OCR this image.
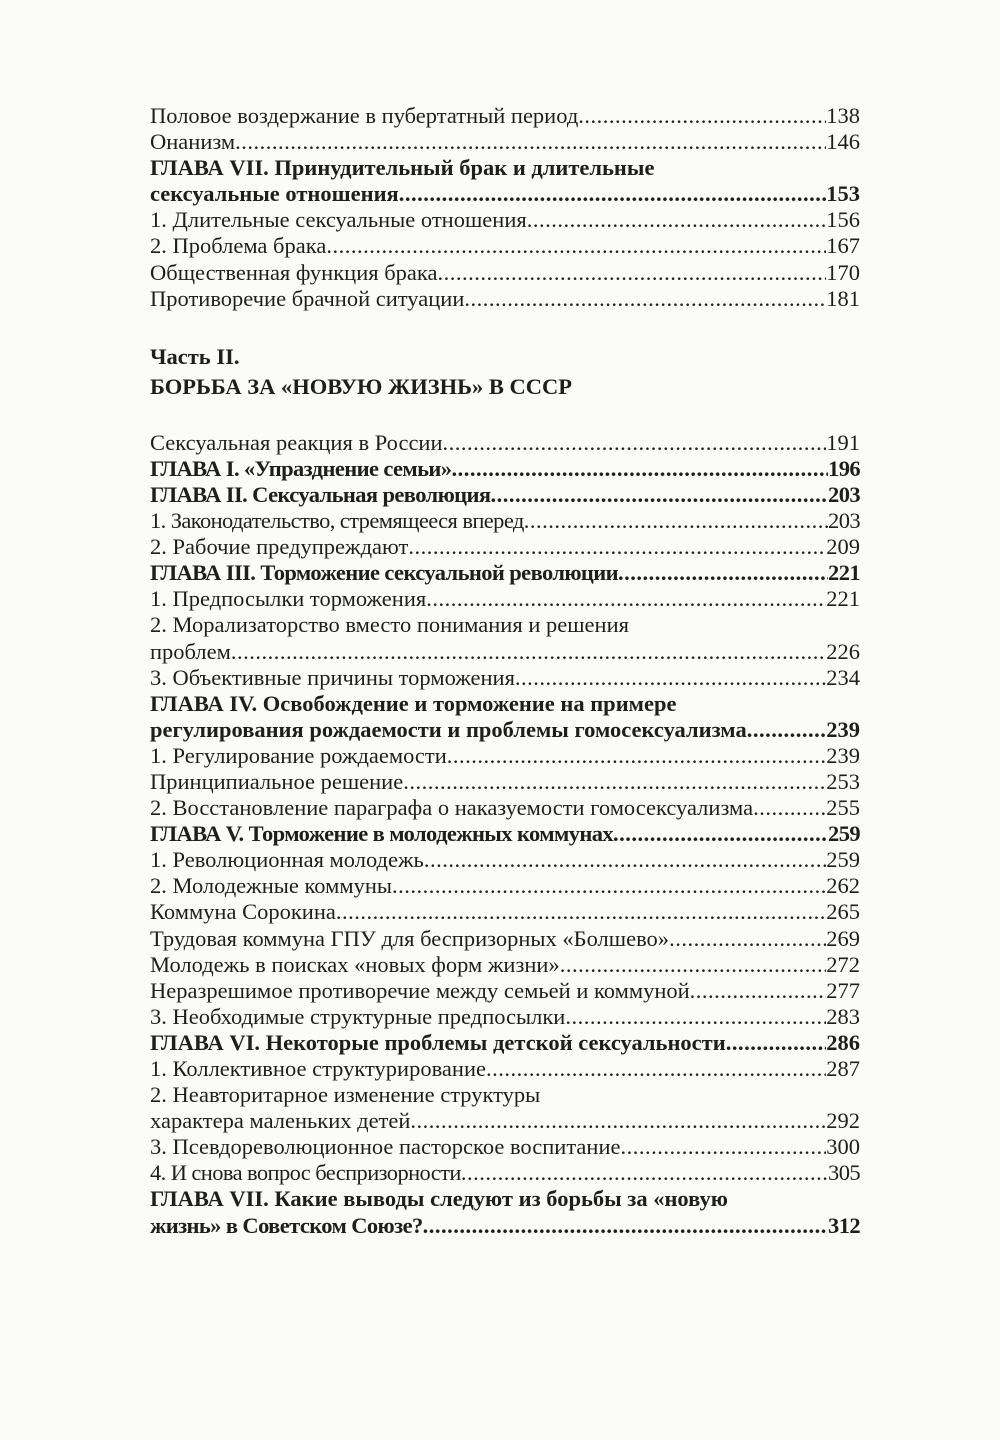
Половое воздержание в пубертатный период .....	138
Онанизм .....	146
ГЛАВА VII. Принудительный брак и длительные
сексуальные отношения .....	153
1. Длительные сексуальные отношения .....	156
2. Проблема брака .....	167
Общественная функция брака .....	170
Противоречие брачной ситуации .....	181
Часть II.
БОРЬБА ЗА «НОВУЮ ЖИЗНЬ» В СССР
Сексуальная реакция в России .....	191
ГЛАВА I. «Упразднение семьи» .....	196
ГЛАВА II. Сексуальная революция .....	203
1. Законодательство, стремящееся вперед .....	203
2. Рабочие предупреждают .....	209
ГЛАВА III. Торможение сексуальной революции .....	221
1. Предпосылки торможения .....	221
2. Морализаторство вместо понимания и решения
проблем .....	226
3. Объективные причины торможения .....	234
ГЛАВА IV. Освобождение и торможение на примере
регулирования рождаемости и проблемы гомосексуализма .....	239
1. Регулирование рождаемости .....	239
Принципиальное решение .....	253
2. Восстановление параграфа о наказуемости гомосексуализма .....	255
ГЛАВА V. Торможение в молодежных коммунах .....	259
1. Революционная молодежь .....	259
2. Молодежные коммуны .....	262
Коммуна Сорокина .....	265
Трудовая коммуна ГПУ для беспризорных «Болшево» .....	269
Молодежь в поисках «новых форм жизни» .....	272
Неразрешимое противоречие между семьей и коммуной .....	277
3. Необходимые структурные предпосылки .....	283
ГЛАВА VI. Некоторые проблемы детской сексуальности .....	286
1. Коллективное структурирование .....	287
2. Неавторитарное изменение структуры
характера маленьких детей .....	292
3. Псевдореволюционное пасторское воспитание .....	300
4. И снова вопрос беспризорности .....	305
ГЛАВА VII. Какие выводы следуют из борьбы за «новую
жизнь» в Советском Союзе? .....	312
